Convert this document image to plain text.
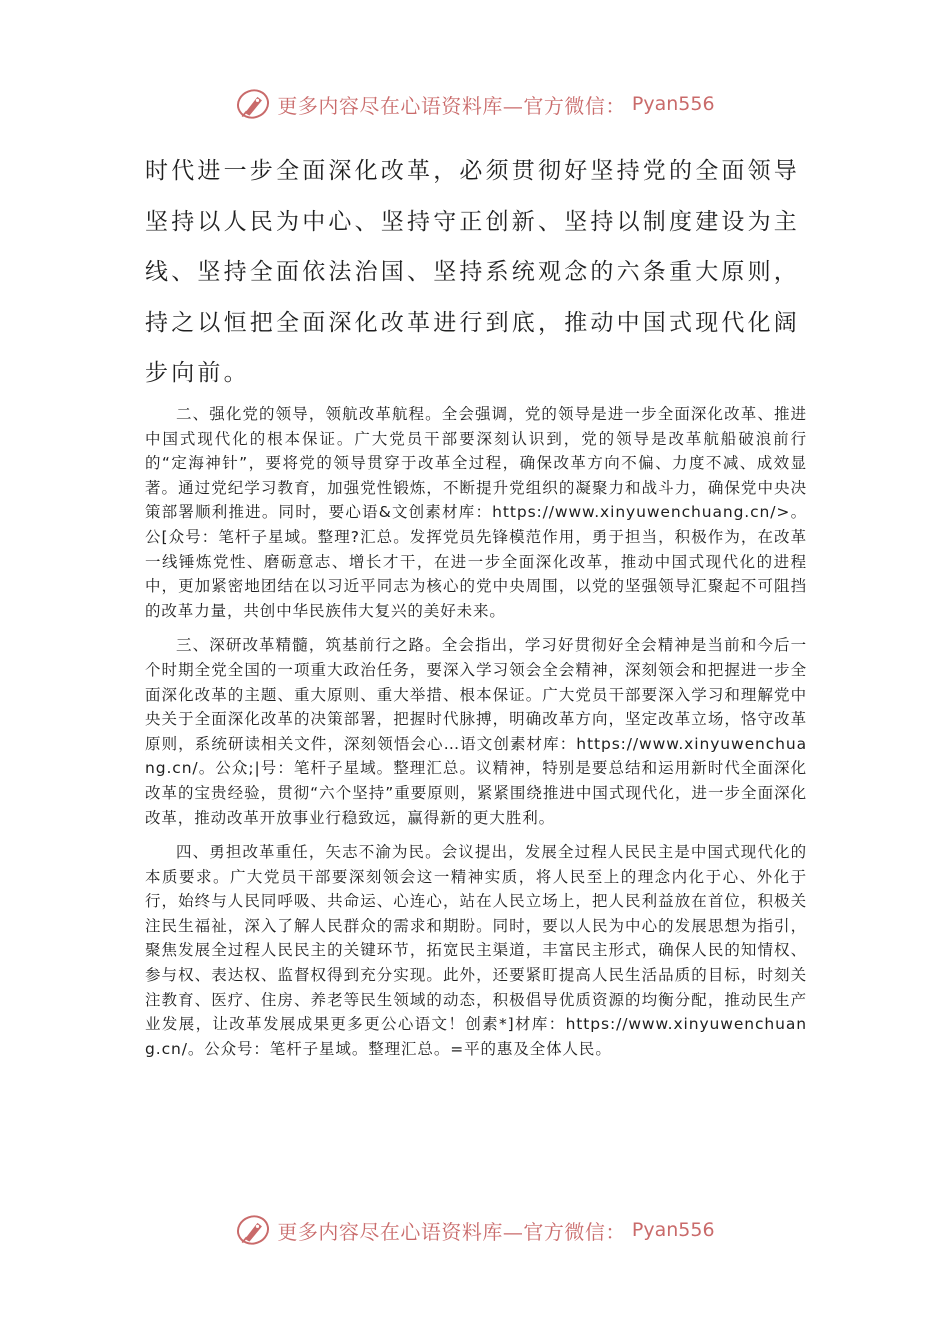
更多内容尽在心语资料库—官方微信： Pyan556

时代进一步全面深化改革，必须贯彻好坚持党的全面领导坚持以人民为中心、坚持守正创新、坚持以制度建设为主线、坚持全面依法治国、坚持系统观念的六条重大原则，持之以恒把全面深化改革进行到底，推动中国式现代化阔步向前。

二、强化党的领导，领航改革航程。全会强调，党的领导是进一步全面深化改革、推进中国式现代化的根本保证。广大党员干部要深刻认识到，党的领导是改革航船破浪前行的“定海神针”，要将党的领导贯穿于改革全过程，确保改革方向不偏、力度不减、成效显著。通过党纪学习教育，加强党性锻炼，不断提升党组织的凝聚力和战斗力，确保党中央决策部署顺利推进。同时，要心语&文创素材库：https://www.xinyuwenchuang.cn/>。公[众号：笔杆子星域。整理?汇总。发挥党员先锋模范作用，勇于担当，积极作为，在改革一线锤炼党性、磨砺意志、增长才干，在进一步全面深化改革，推动中国式现代化的进程中，更加紧密地团结在以习近平同志为核心的党中央周围，以党的坚强领导汇聚起不可阻挡的改革力量，共创中华民族伟大复兴的美好未来。

三、深研改革精髓，筑基前行之路。全会指出，学习好贯彻好全会精神是当前和今后一个时期全党全国的一项重大政治任务，要深入学习领会全会精神，深刻领会和把握进一步全面深化改革的主题、重大原则、重大举措、根本保证。广大党员干部要深入学习和理解党中央关于全面深化改革的决策部署，把握时代脉搏，明确改革方向，坚定改革立场，恪守改革原则，系统研读相关文件，深刻领悟会心…语文创素材库：https://www.xinyuwenchuang.cn/。公众;|号：笔杆子星域。整理汇总。议精神，特别是要总结和运用新时代全面深化改革的宝贵经验，贯彻“六个坚持”重要原则，紧紧围绕推进中国式现代化，进一步全面深化改革，推动改革开放事业行稳致远，赢得新的更大胜利。

四、勇担改革重任，矢志不渝为民。会议提出，发展全过程人民民主是中国式现代化的本质要求。广大党员干部要深刻领会这一精神实质，将人民至上的理念内化于心、外化于行，始终与人民同呼吸、共命运、心连心，站在人民立场上，把人民利益放在首位，积极关注民生福祉，深入了解人民群众的需求和期盼。同时，要以人民为中心的发展思想为指引，聚焦发展全过程人民民主的关键环节，拓宽民主渠道，丰富民主形式，确保人民的知情权、参与权、表达权、监督权得到充分实现。此外，还要紧盯提高人民生活品质的目标，时刻关注教育、医疗、住房、养老等民生领域的动态，积极倡导优质资源的均衡分配，推动民生产业发展，让改革发展成果更多更公心语文！创素*]材库：https://www.xinyuwenchuang.cn/。公众号：笔杆子星域。整理汇总。=平的惠及全体人民。

更多内容尽在心语资料库—官方微信： Pyan556
